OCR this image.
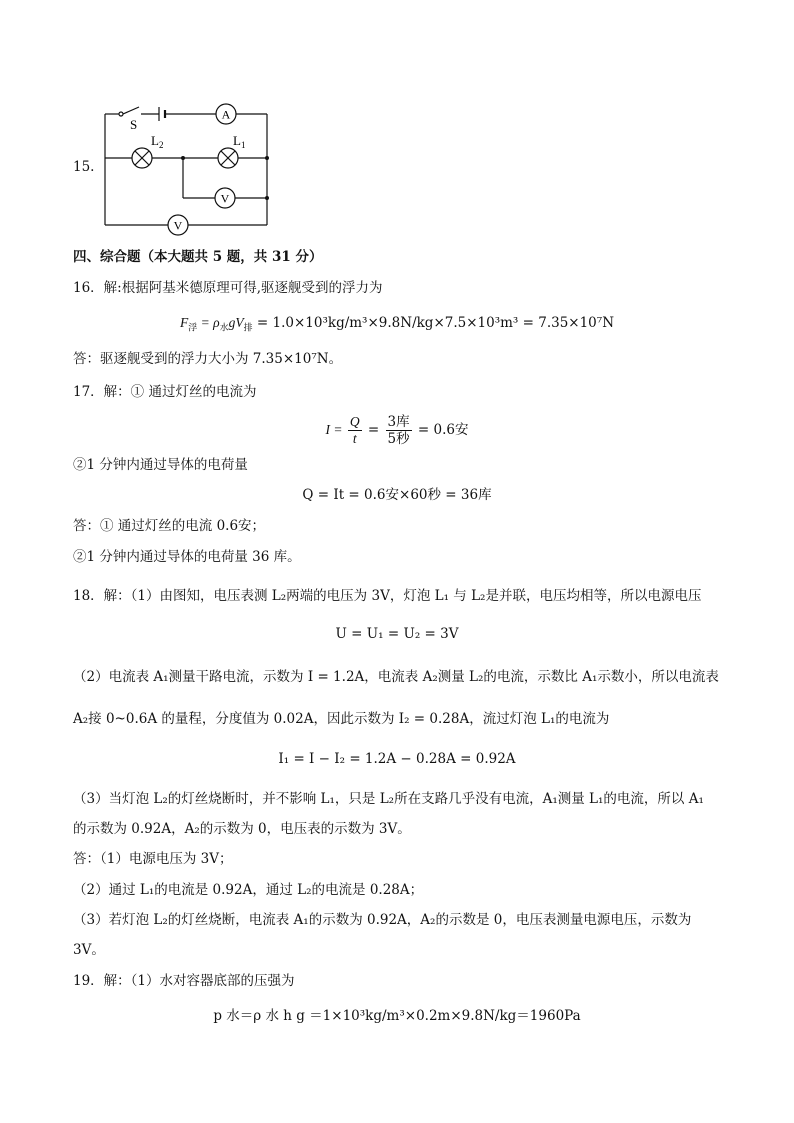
15.
A
V
V
S
$L_2$	$L_1$
四、综合题（本大题共 5 题，共 31 分）
16．解:根据阿基米德原理可得,驱逐舰受到的浮力为
$F_浮 = \rho_水gV_排 = 1.0\times 10^3kg/m^3\times 9.8N/kg\times 7.5\times 10^3m^3 = 7.35\times 10^7N$
答：驱逐舰受到的浮力大小为 7.35×10⁷N。
17．解：① 通过灯丝的电流为
$I = \frac{Q}{t} = \frac{\text{3库}}{\text{5秒}} = 0.6$安
②1 分钟内通过导体的电荷量
Q = It = 0.6安×60秒 = 36库
答：① 通过灯丝的电流 0.6安；
②1 分钟内通过导体的电荷量 36 库。
18．解：（1）由图知，电压表测 L₂两端的电压为 3V，灯泡 L₁ 与 L₂是并联，电压均相等，所以电源电压
U = U₁ = U₂ = 3V
（2）电流表 A₁测量干路电流，示数为 I = 1.2A，电流表 A₂测量 L₂的电流，示数比 A₁示数小，所以电流表
A₂接 0~0.6A 的量程，分度值为 0.02A，因此示数为 I₂ = 0.28A，流过灯泡 L₁的电流为
I₁ = I − I₂ = 1.2A − 0.28A = 0.92A
（3）当灯泡 L₂的灯丝烧断时，并不影响 L₁，只是 L₂所在支路几乎没有电流，A₁测量 L₁的电流，所以 A₁
的示数为 0.92A，A₂的示数为 0，电压表的示数为 3V。
答：（1）电源电压为 3V；
（2）通过 L₁的电流是 0.92A，通过 L₂的电流是 0.28A；
（3）若灯泡 L₂的灯丝烧断，电流表 A₁的示数为 0.92A，A₂的示数是 0，电压表测量电源电压，示数为
3V。
19．解：（1）水对容器底部的压强为
p 水＝ρ 水 h g ＝1×10³kg/m³×0.2m×9.8N/kg＝1960Pa
